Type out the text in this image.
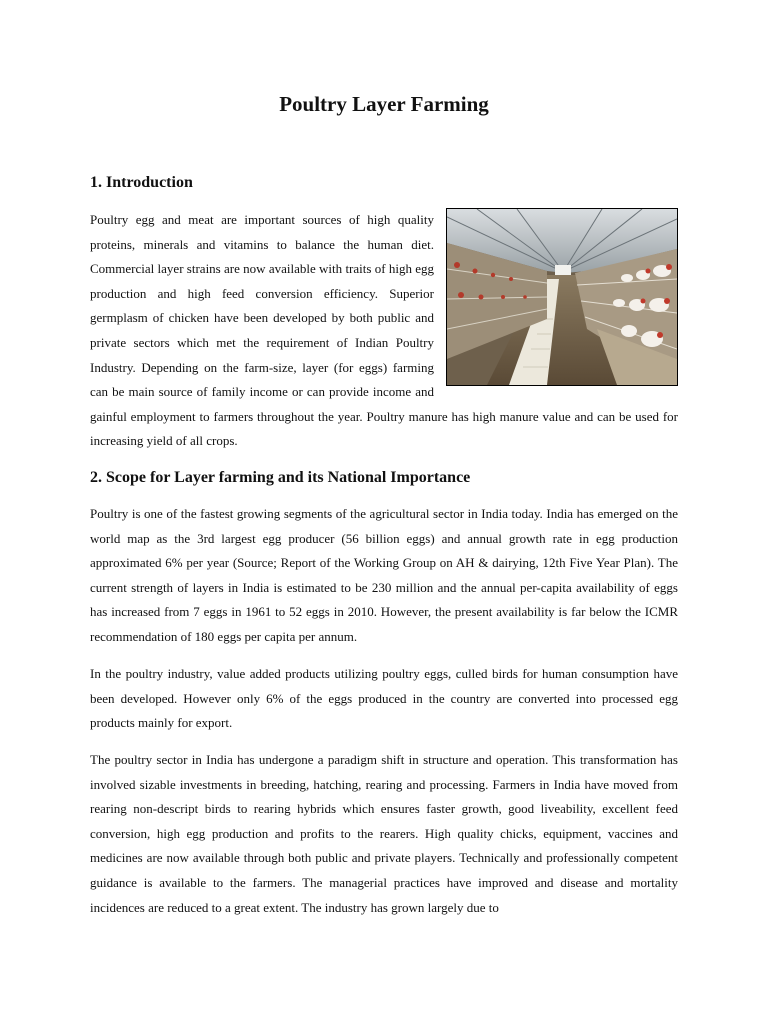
Poultry Layer Farming
1. Introduction
Poultry egg and meat are important sources of high quality proteins, minerals and vitamins to balance the human diet. Commercial layer strains are now available with traits of high egg production and high feed conversion efficiency. Superior germplasm of chicken have been developed by both public and private sectors which met the requirement of Indian Poultry Industry. Depending on the farm-size, layer (for eggs) farming can be main source of family income or can provide income and gainful employment to farmers throughout the year. Poultry manure has high manure value and can be used for increasing yield of all crops.
2. Scope for Layer farming and its National Importance

Poultry is one of the fastest growing segments of the agricultural sector in India today. India has emerged on the world map as the 3rd largest egg producer (56 billion eggs) and annual growth rate in egg production approximated 6% per year (Source; Report of the Working Group on AH & dairying, 12th Five Year Plan). The current strength of layers in India is estimated to be 230 million and the annual per-capita availability of eggs has increased from 7 eggs in 1961 to 52 eggs in 2010. However, the present availability is far below the ICMR recommendation of 180 eggs per capita per annum.

In the poultry industry, value added products utilizing poultry eggs, culled birds for human consumption have been developed. However only 6% of the eggs produced in the country are converted into processed egg products mainly for export.

The poultry sector in India has undergone a paradigm shift in structure and operation. This transformation has involved sizable investments in breeding, hatching, rearing and processing. Farmers in India have moved from rearing non-descript birds to rearing hybrids which ensures faster growth, good liveability, excellent feed conversion, high egg production and profits to the rearers. High quality chicks, equipment, vaccines and medicines are now available through both public and private players. Technically and professionally competent guidance is available to the farmers. The managerial practices have improved and disease and mortality incidences are reduced to a great extent. The industry has grown largely due to
